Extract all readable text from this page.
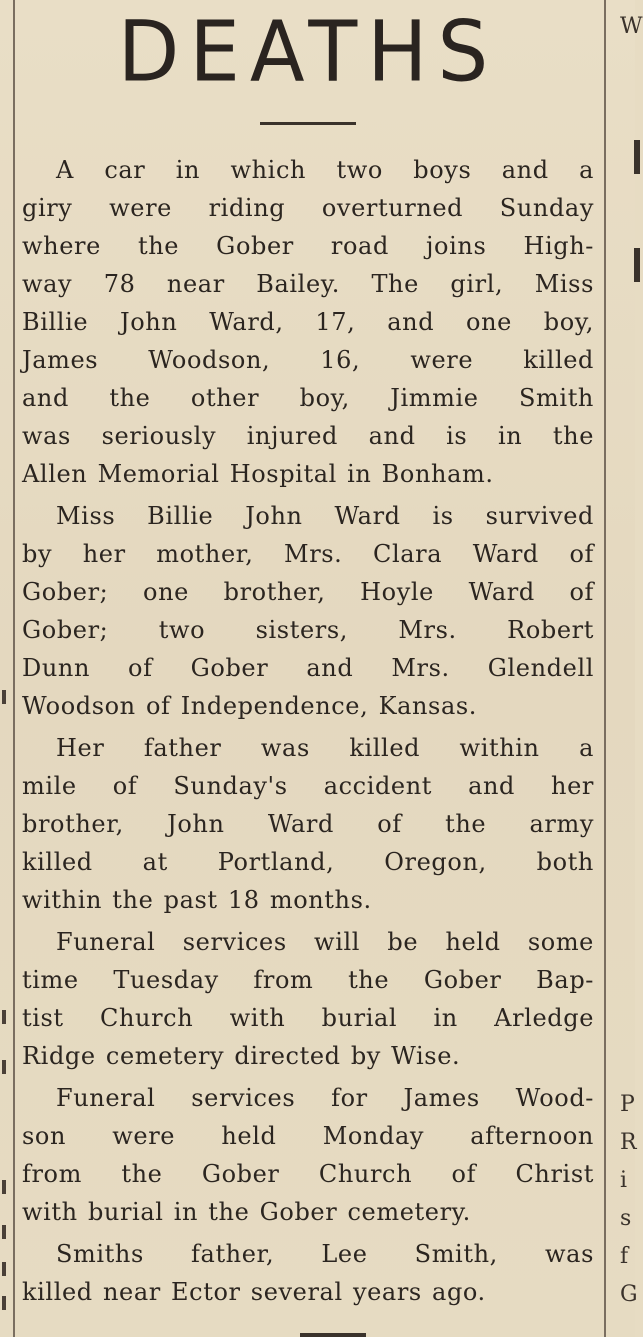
W
P
R
i
s
f
G
DEATHS

A car in which two boys and a
giry were riding overturned Sunday
where the Gober road joins High-
way 78 near Bailey. The girl, Miss
Billie John Ward, 17, and one boy,
James Woodson, 16, were killed
and the other boy, Jimmie Smith
was seriously injured and is in the
Allen Memorial Hospital in Bonham.

Miss Billie John Ward is survived
by her mother, Mrs. Clara Ward of
Gober; one brother, Hoyle Ward of
Gober; two sisters, Mrs. Robert
Dunn of Gober and Mrs. Glendell
Woodson of Independence, Kansas.

Her father was killed within a
mile of Sunday's accident and her
brother, John Ward of the army
killed at Portland, Oregon, both
within the past 18 months.

Funeral services will be held some
time Tuesday from the Gober Bap-
tist Church with burial in Arledge
Ridge cemetery directed by Wise.

Funeral services for James Wood-
son were held Monday afternoon
from the Gober Church of Christ
with burial in the Gober cemetery.

Smiths father, Lee Smith, was
killed near Ector several years ago.
